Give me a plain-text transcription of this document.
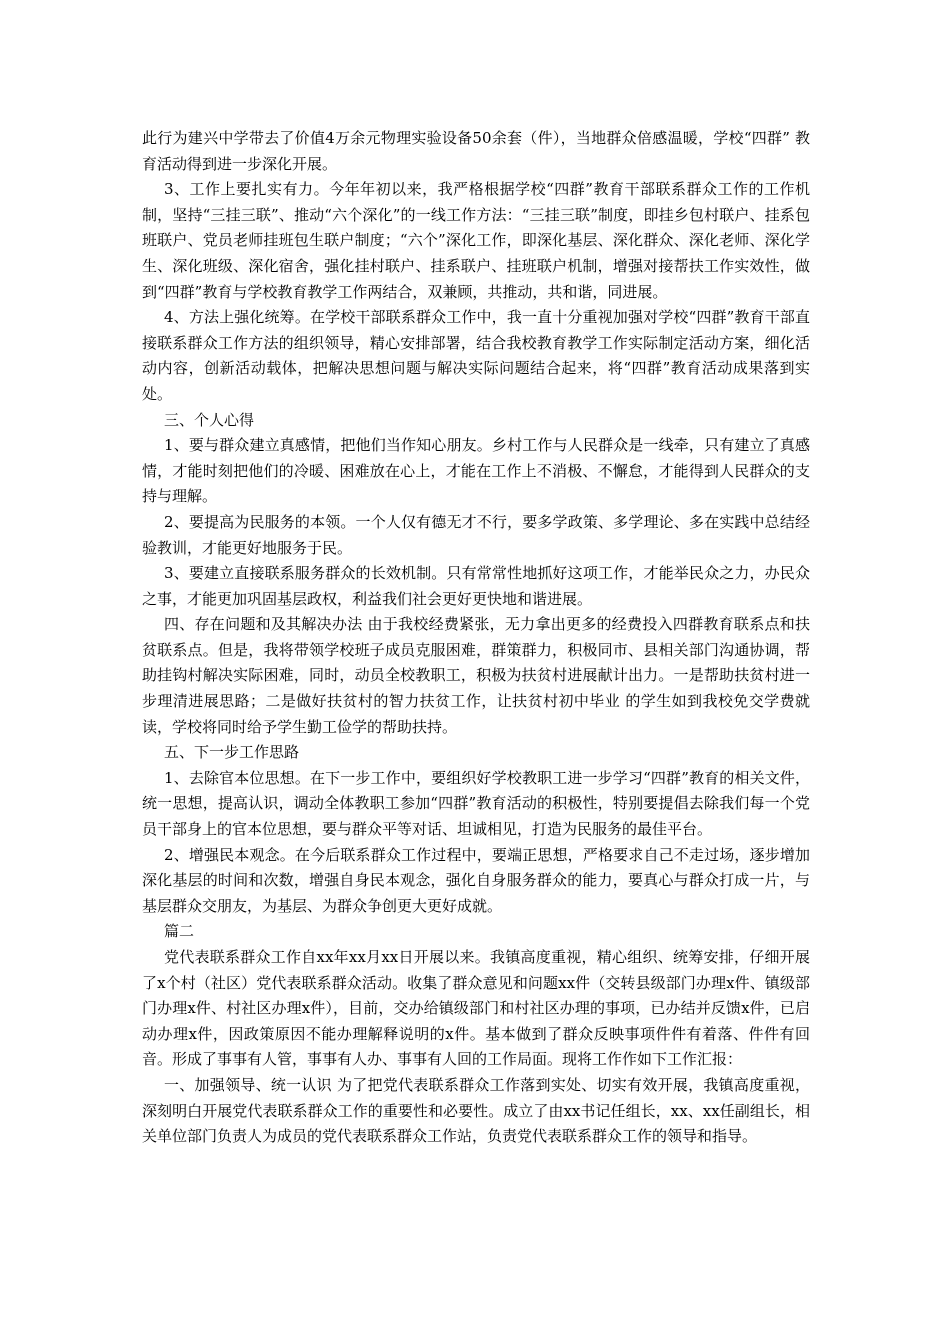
此行为建兴中学带去了价值4万余元物理实验设备50余套（件），当地群众倍感温暖，学校“四群” 教育活动得到进一步深化开展。

3、工作上要扎实有力。今年年初以来，我严格根据学校“四群”教育干部联系群众工作的工作机制，坚持“三挂三联”、推动“六个深化”的一线工作方法：“三挂三联”制度，即挂乡包村联户、挂系包班联户、党员老师挂班包生联户制度；“六个”深化工作，即深化基层、深化群众、深化老师、深化学生、深化班级、深化宿舍，强化挂村联户、挂系联户、挂班联户机制，增强对接帮扶工作实效性，做到“四群”教育与学校教育教学工作两结合，双兼顾，共推动，共和谐，同进展。

4、方法上强化统筹。在学校干部联系群众工作中，我一直十分重视加强对学校“四群”教育干部直接联系群众工作方法的组织领导，精心安排部署，结合我校教育教学工作实际制定活动方案，细化活动内容，创新活动载体，把解决思想问题与解决实际问题结合起来，将“四群”教育活动成果落到实处。

三、个人心得

1、要与群众建立真感情，把他们当作知心朋友。乡村工作与人民群众是一线牵，只有建立了真感情，才能时刻把他们的冷暖、困难放在心上，才能在工作上不消极、不懈怠，才能得到人民群众的支持与理解。

2、要提高为民服务的本领。一个人仅有德无才不行，要多学政策、多学理论、多在实践中总结经验教训，才能更好地服务于民。

3、要建立直接联系服务群众的长效机制。只有常常性地抓好这项工作，才能举民众之力，办民众之事，才能更加巩固基层政权，利益我们社会更好更快地和谐进展。

四、存在问题和及其解决办法 由于我校经费紧张，无力拿出更多的经费投入四群教育联系点和扶贫联系点。但是，我将带领学校班子成员克服困难，群策群力，积极同市、县相关部门沟通协调，帮助挂钩村解决实际困难，同时，动员全校教职工，积极为扶贫村进展献计出力。一是帮助扶贫村进一步理清进展思路；二是做好扶贫村的智力扶贫工作，让扶贫村初中毕业 的学生如到我校免交学费就读，学校将同时给予学生勤工俭学的帮助扶持。

五、下一步工作思路

1、去除官本位思想。在下一步工作中，要组织好学校教职工进一步学习“四群”教育的相关文件，统一思想，提高认识，调动全体教职工参加“四群”教育活动的积极性，特别要提倡去除我们每一个党员干部身上的官本位思想，要与群众平等对话、坦诚相见，打造为民服务的最佳平台。

2、增强民本观念。在今后联系群众工作过程中，要端正思想，严格要求自己不走过场，逐步增加深化基层的时间和次数，增强自身民本观念，强化自身服务群众的能力，要真心与群众打成一片，与基层群众交朋友，为基层、为群众争创更大更好成就。

篇二

党代表联系群众工作自xx年xx月xx日开展以来。我镇高度重视，精心组织、统筹安排，仔细开展了x个村（社区）党代表联系群众活动。收集了群众意见和问题xx件（交转县级部门办理x件、镇级部门办理x件、村社区办理x件），目前，交办给镇级部门和村社区办理的事项，已办结并反馈x件，已启动办理x件，因政策原因不能办理解释说明的x件。基本做到了群众反映事项件件有着落、件件有回音。形成了事事有人管，事事有人办、事事有人回的工作局面。现将工作作如下工作汇报：

一、加强领导、统一认识 为了把党代表联系群众工作落到实处、切实有效开展，我镇高度重视，深刻明白开展党代表联系群众工作的重要性和必要性。成立了由xx书记任组长，xx、xx任副组长，相关单位部门负责人为成员的党代表联系群众工作站，负责党代表联系群众工作的领导和指导。
